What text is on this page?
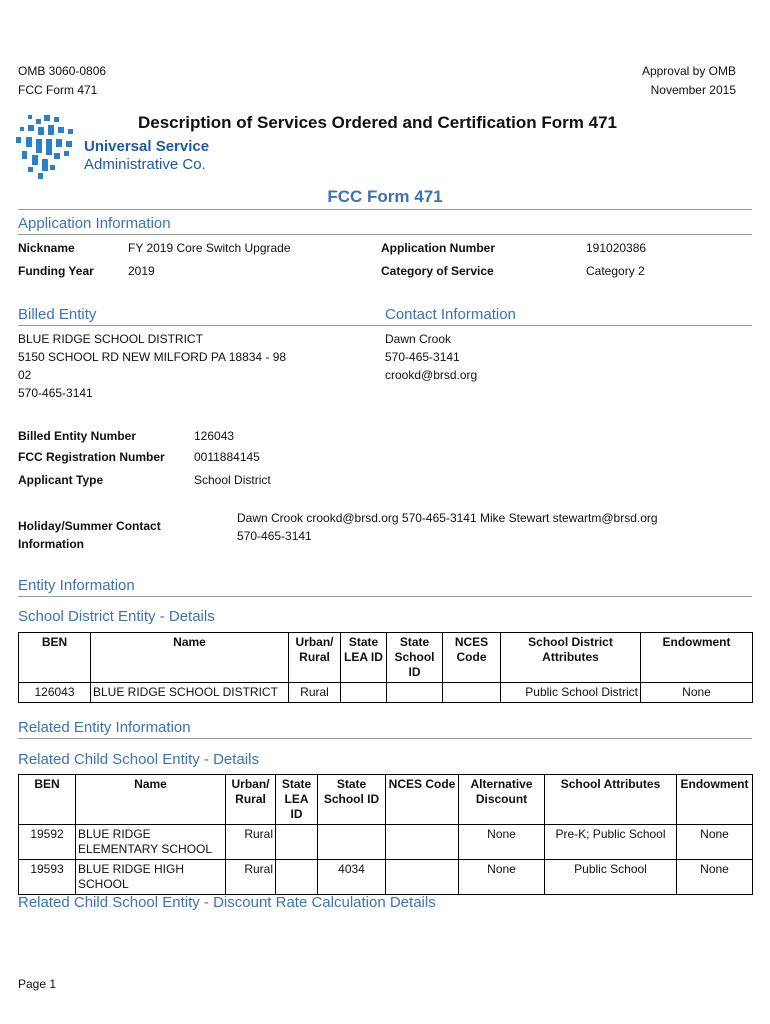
OMB 3060-0806
FCC Form 471
Approval by OMB
November 2015
Description of Services Ordered and Certification Form 471
Universal Service
Administrative Co.
FCC Form 471
Application Information
Nickname	FY 2019 Core Switch Upgrade	Application Number	191020386
Funding Year	2019	Category of Service	Category 2
Billed Entity	Contact Information
BLUE RIDGE SCHOOL DISTRICT
5150 SCHOOL RD NEW MILFORD PA 18834 - 98
02
570-465-3141
Dawn Crook
570-465-3141
crookd@brsd.org
Billed Entity Number	126043
FCC Registration Number 0011884145
Applicant Type	School District
Holiday/Summer Contact
Information
Dawn Crook crookd@brsd.org 570-465-3141 Mike Stewart stewartm@brsd.org
570-465-3141
Entity Information
School District Entity - Details
BEN	Name	Urban/ Rural	State LEA ID	State School ID	NCES Code	School District Attributes	Endowment
126043	BLUE RIDGE SCHOOL DISTRICT	Rural				Public School District	None
Related Entity Information
Related Child School Entity - Details
BEN	Name	Urban/ Rural	State LEA ID	State School ID	NCES Code	Alternative Discount	School Attributes	Endowment
19592	BLUE RIDGE ELEMENTARY SCHOOL	Rural				None	Pre-K; Public School	None
19593	BLUE RIDGE HIGH SCHOOL	Rural		4034		None	Public School	None
Related Child School Entity - Discount Rate Calculation Details
Page 1
